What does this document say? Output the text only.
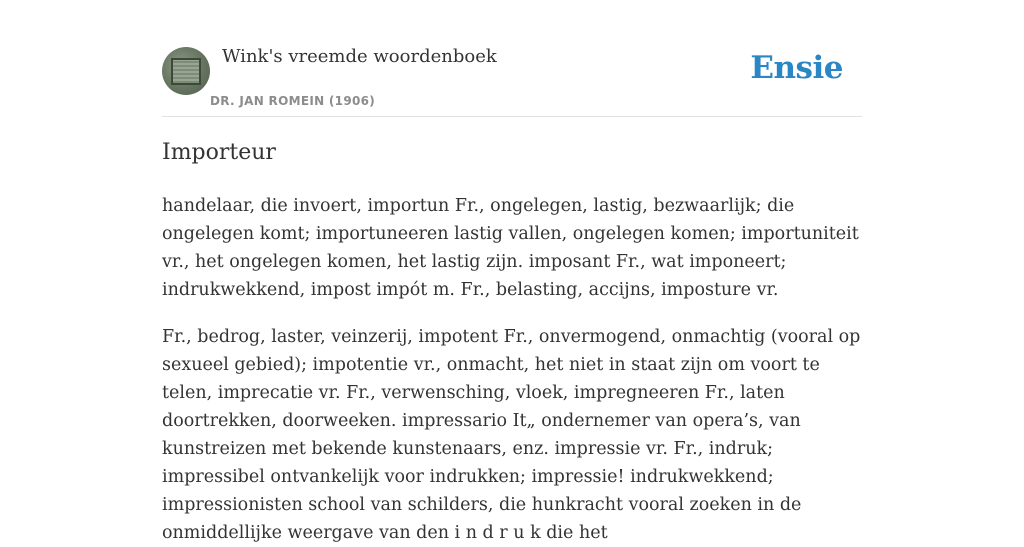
Wink's vreemde woordenboek
DR. JAN ROMEIN (1906)
Ensie
Importeur

handelaar, die invoert, importun Fr., ongelegen, lastig, bezwaarlijk; die ongelegen komt; importuneeren lastig vallen, ongelegen komen; importuniteit vr., het ongelegen komen, het lastig zijn. imposant Fr., wat imponeert; indrukwekkend, impost impót m. Fr., belasting, accijns, imposture vr.

Fr., bedrog, laster, veinzerij, impotent Fr., onvermogend, onmachtig (vooral op sexueel gebied); impotentie vr., onmacht, het niet in staat zijn om voort te telen, imprecatie vr. Fr., verwensching, vloek, impregneeren Fr., laten doortrekken, doorweeken. impressario It„ ondernemer van opera’s, van kunstreizen met bekende kunstenaars, enz. impressie vr. Fr., indruk; impressibel ontvankelijk voor indrukken; impressie! indrukwekkend; impressionisten school van schilders, die hunkracht vooral zoeken in de onmiddellijke weergave van den i n d r u k die het
